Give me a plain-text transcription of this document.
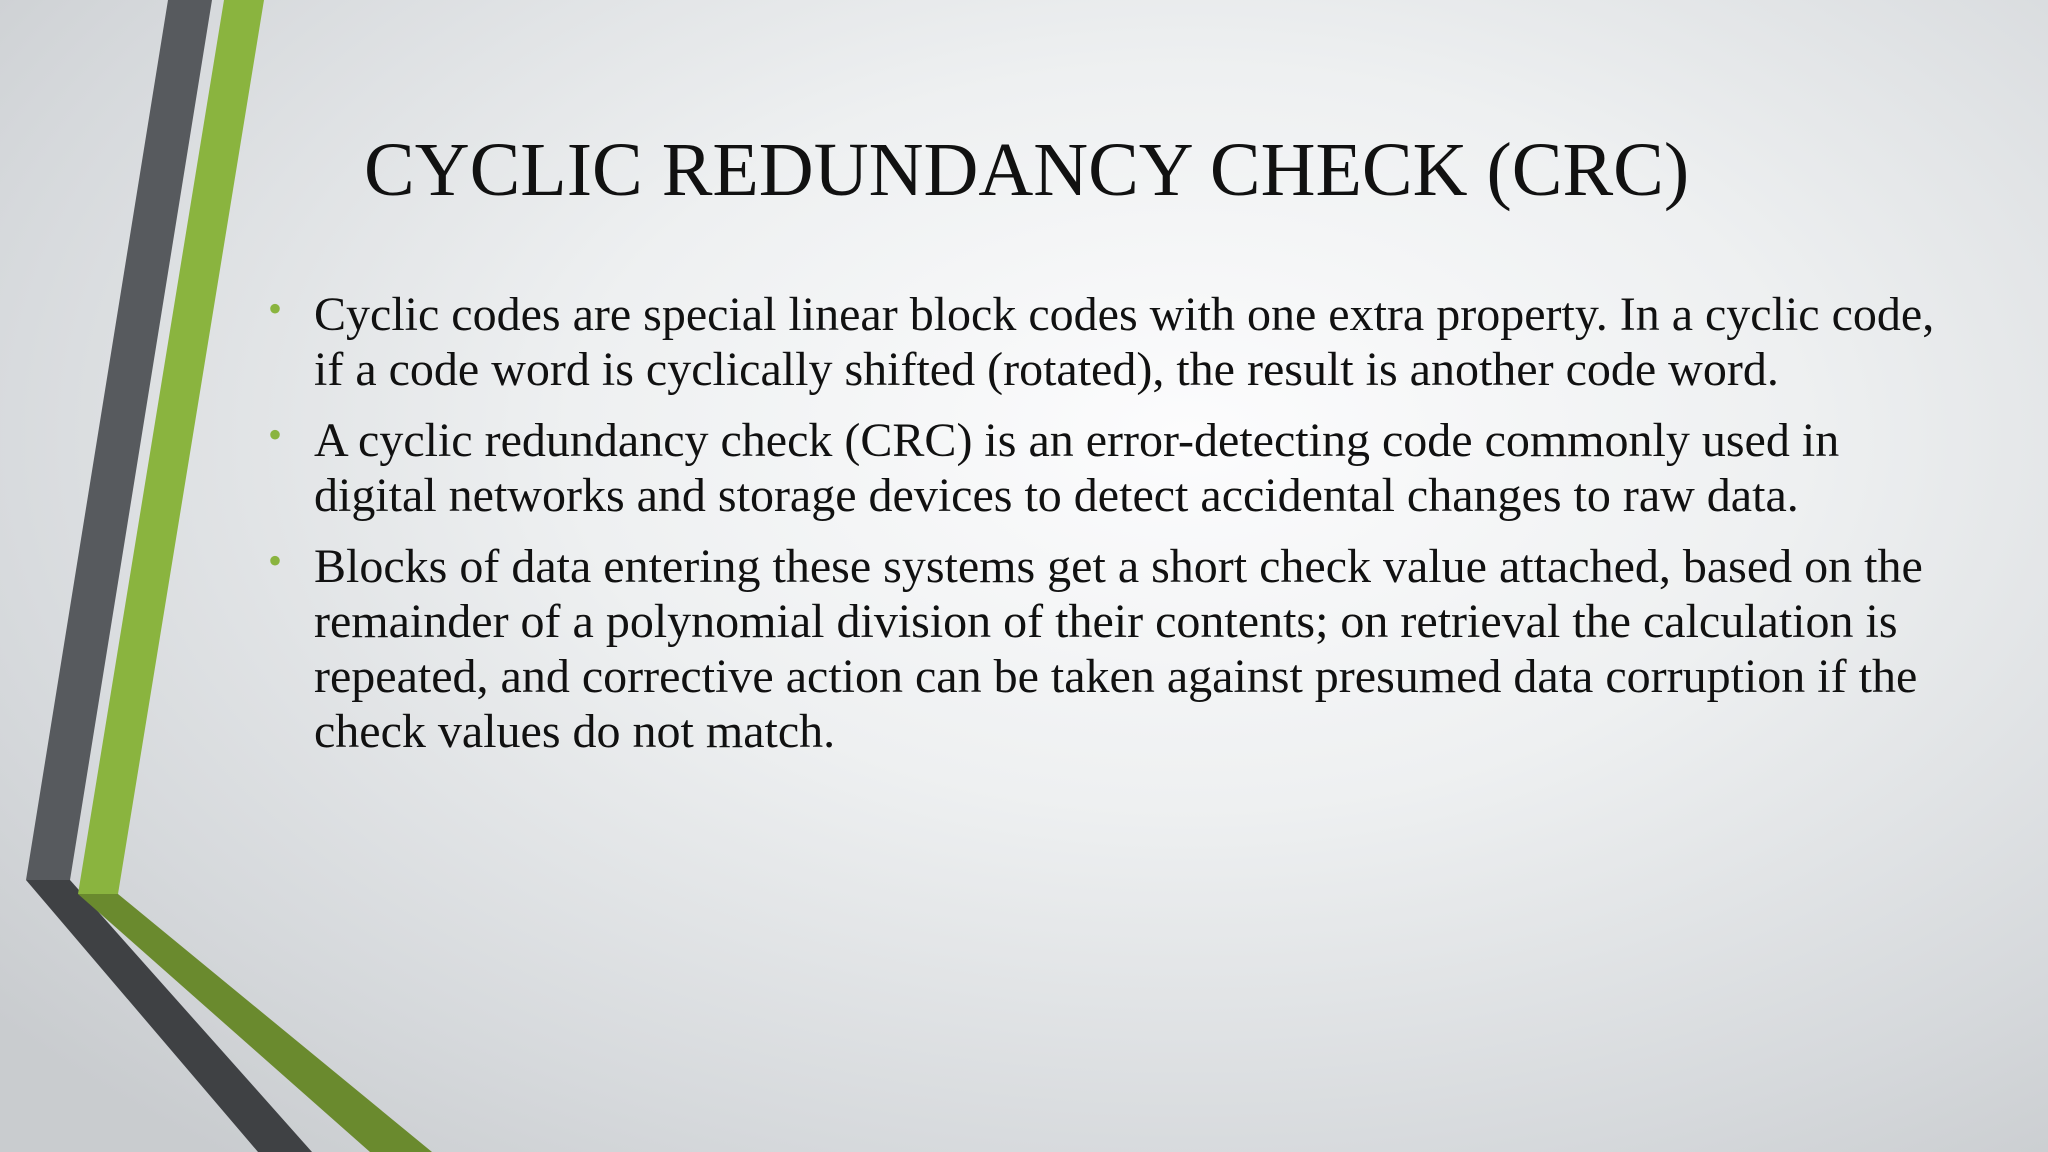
CYCLIC REDUNDANCY CHECK (CRC)
• Cyclic codes are special linear block codes with one extra property. In a cyclic code, if a code word is cyclically shifted (rotated), the result is another code word.
• A cyclic redundancy check (CRC) is an error-detecting code commonly used in digital networks and storage devices to detect accidental changes to raw data.
• Blocks of data entering these systems get a short check value attached, based on the remainder of a polynomial division of their contents; on retrieval the calculation is repeated, and corrective action can be taken against presumed data corruption if the check values do not match.
